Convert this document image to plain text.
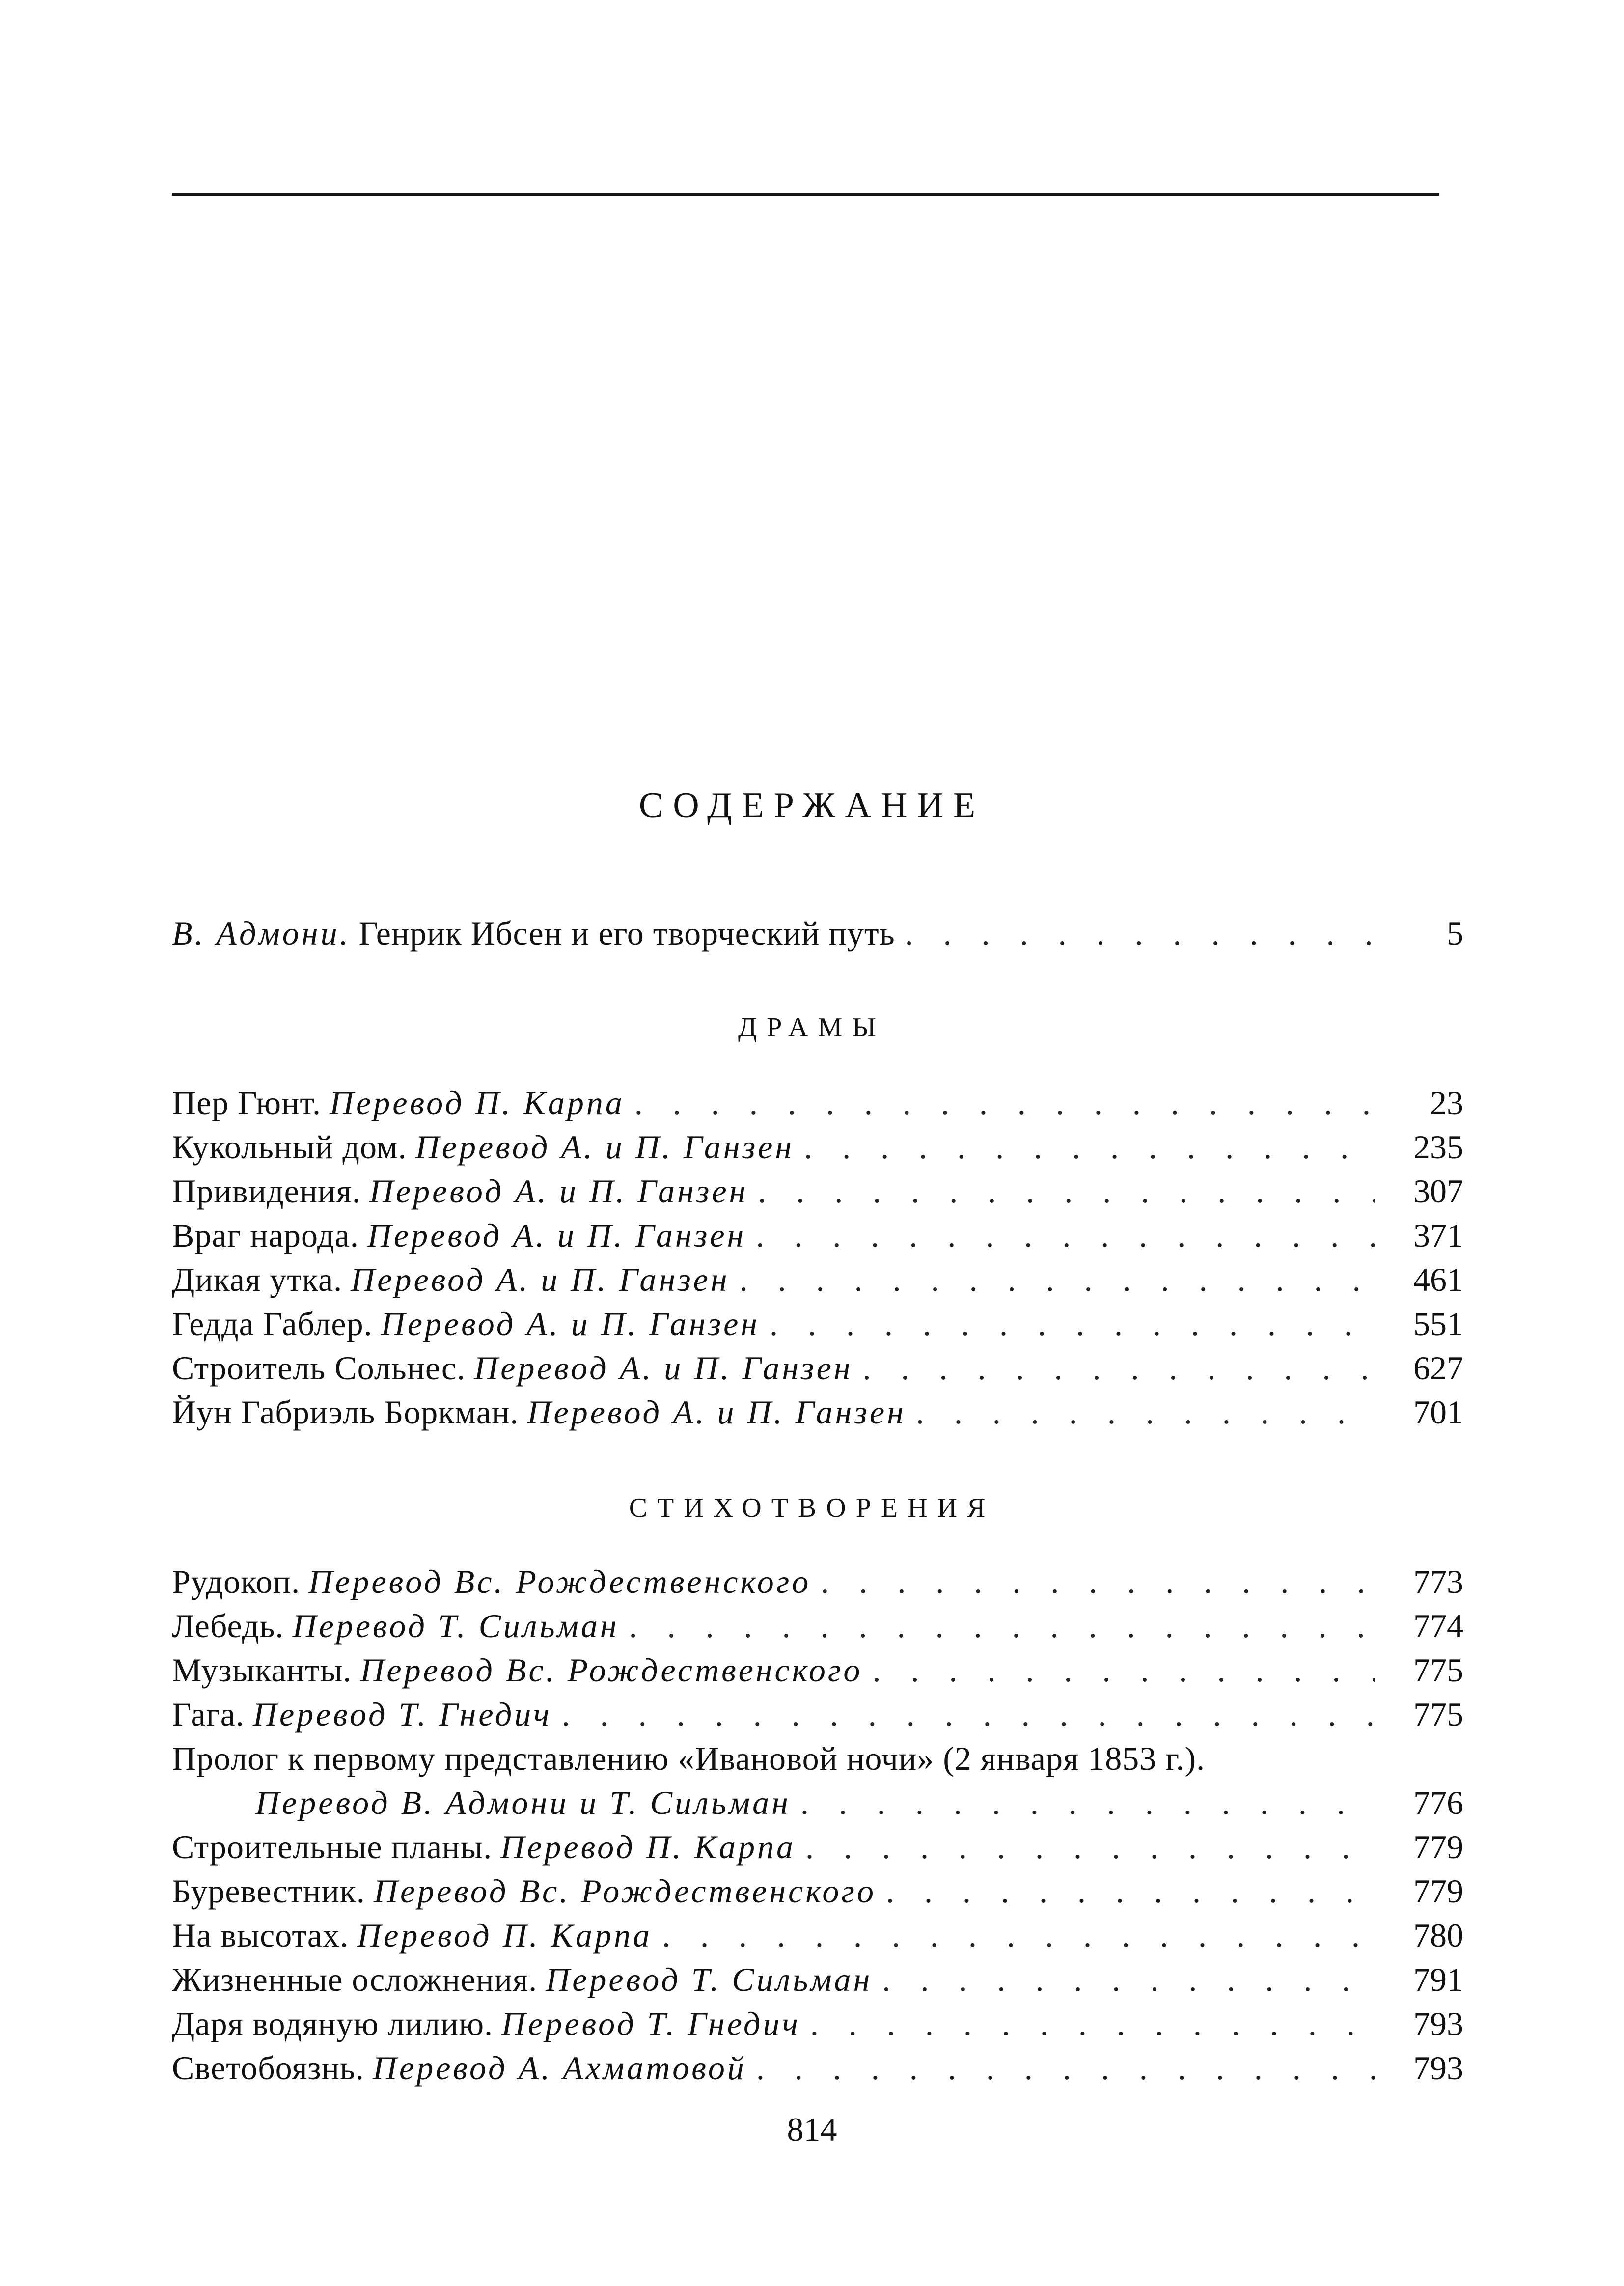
СОДЕРЖАНИЕ
В. Адмони. Генрик Ибсен и его творческий путь . . .	5
ДРАМЫ
Пер Гюнт. Перевод П. Карпа . . .	23
Кукольный дом. Перевод А. и П. Ганзен . . .	235
Привидения. Перевод А. и П. Ганзен . . .	307
Враг народа. Перевод А. и П. Ганзен . . .	371
Дикая утка. Перевод А. и П. Ганзен . . .	461
Гедда Габлер. Перевод А. и П. Ганзен . . .	551
Строитель Сольнес. Перевод А. и П. Ганзен . . .	627
Йун Габриэль Боркман. Перевод А. и П. Ганзен . . .	701
СТИХОТВОРЕНИЯ
Рудокоп. Перевод Вс. Рождественского . . .	773
Лебедь. Перевод Т. Сильман . . .	774
Музыканты. Перевод Вс. Рождественского . . .	775
Гага. Перевод Т. Гнедич . . .	775
Пролог к первому представлению «Ивановой ночи» (2 января 1853 г.).
Перевод В. Адмони и Т. Сильман . . .	776
Строительные планы. Перевод П. Карпа . . .	779
Буревестник. Перевод Вс. Рождественского . . .	779
На высотах. Перевод П. Карпа . . .	780
Жизненные осложнения. Перевод Т. Сильман . . .	791
Даря водяную лилию. Перевод Т. Гнедич . . .	793
Светобоязнь. Перевод А. Ахматовой . . .	793
814
